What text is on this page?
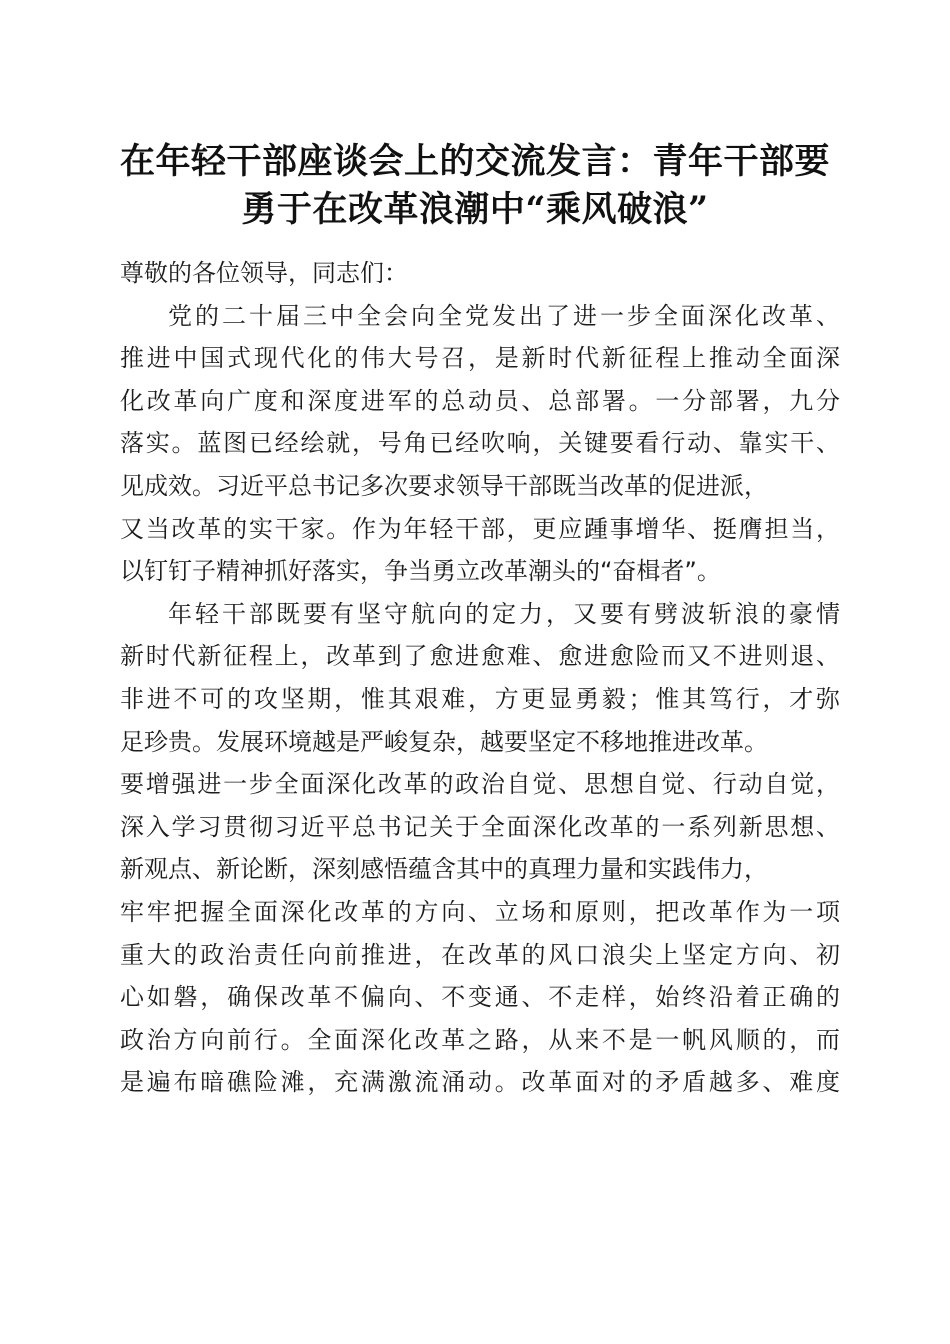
在年轻干部座谈会上的交流发言：青年干部要
勇于在改革浪潮中“乘风破浪”
尊敬的各位领导，同志们：
党的二十届三中全会向全党发出了进一步全面深化改革、
推进中国式现代化的伟大号召，是新时代新征程上推动全面深
化改革向广度和深度进军的总动员、总部署。一分部署，九分
落实。蓝图已经绘就，号角已经吹响，关键要看行动、靠实干、
见成效。习近平总书记多次要求领导干部既当改革的促进派，
又当改革的实干家。作为年轻干部，更应踵事增华、挺膺担当，
以钉钉子精神抓好落实，争当勇立改革潮头的“奋楫者”。
年轻干部既要有坚守航向的定力，又要有劈波斩浪的豪情
新时代新征程上，改革到了愈进愈难、愈进愈险而又不进则退、
非进不可的攻坚期，惟其艰难，方更显勇毅；惟其笃行，才弥
足珍贵。发展环境越是严峻复杂，越要坚定不移地推进改革。
要增强进一步全面深化改革的政治自觉、思想自觉、行动自觉，
深入学习贯彻习近平总书记关于全面深化改革的一系列新思想、
新观点、新论断，深刻感悟蕴含其中的真理力量和实践伟力，
牢牢把握全面深化改革的方向、立场和原则，把改革作为一项
重大的政治责任向前推进，在改革的风口浪尖上坚定方向、初
心如磐，确保改革不偏向、不变通、不走样，始终沿着正确的
政治方向前行。全面深化改革之路，从来不是一帆风顺的，而
是遍布暗礁险滩，充满激流涌动。改革面对的矛盾越多、难度
